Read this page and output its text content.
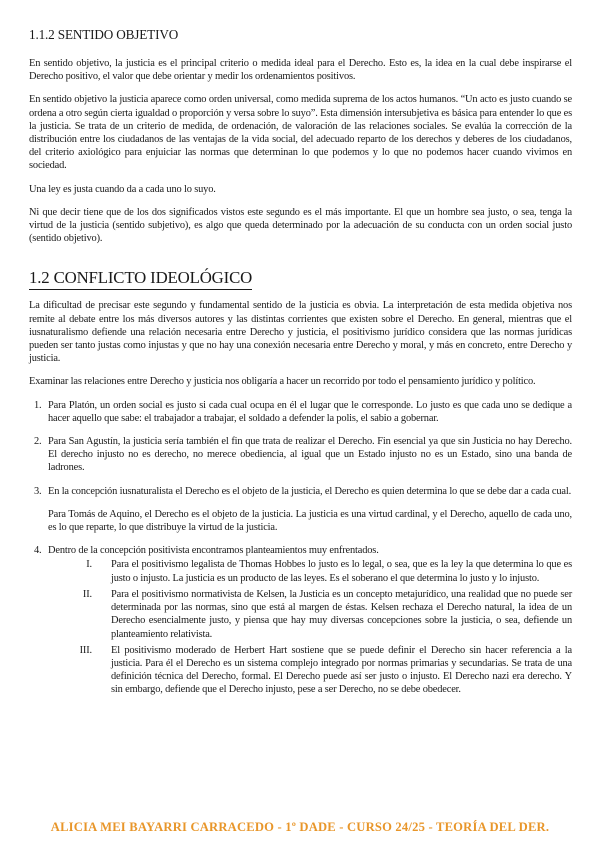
1.1.2 SENTIDO OBJETIVO

En sentido objetivo, la justicia es el principal criterio o medida ideal para el Derecho. Esto es, la idea en la cual debe inspirarse el Derecho positivo, el valor que debe orientar y medir los ordenamientos positivos.

En sentido objetivo la justicia aparece como orden universal, como medida suprema de los actos humanos. “Un acto es justo cuando se ordena a otro según cierta igualdad o proporción y versa sobre lo suyo”. Esta dimensión intersubjetiva es básica para entender lo que es la justicia. Se trata de un criterio de medida, de ordenación, de valoración de las relaciones sociales. Se evalúa la corrección de la distribución entre los ciudadanos de las ventajas de la vida social, del adecuado reparto de los derechos y deberes de los ciudadanos, del criterio axiológico para enjuiciar las normas que determinan lo que podemos y lo que no podemos hacer cuando vivimos en sociedad.

Una ley es justa cuando da a cada uno lo suyo.

Ni que decir tiene que de los dos significados vistos este segundo es el más importante. El que un hombre sea justo, o sea, tenga la virtud de la justicia (sentido subjetivo), es algo que queda determinado por la adecuación de su conducta con un orden social justo (sentido objetivo).

1.2 CONFLICTO IDEOLÓGICO

La dificultad de precisar este segundo y fundamental sentido de la justicia es obvia. La interpretación de esta medida objetiva nos remite al debate entre los más diversos autores y las distintas corrientes que existen sobre el Derecho. En general, mientras que el iusnaturalismo defiende una relación necesaria entre Derecho y justicia, el positivismo jurídico considera que las normas jurídicas pueden ser tanto justas como injustas y que no hay una conexión necesaria entre Derecho y moral, y más en concreto, entre Derecho y justicia.

Examinar las relaciones entre Derecho y justicia nos obligaría a hacer un recorrido por todo el pensamiento jurídico y político.

1. Para Platón, un orden social es justo si cada cual ocupa en él el lugar que le corresponde. Lo justo es que cada uno se dedique a hacer aquello que sabe: el trabajador a trabajar, el soldado a defender la polis, el sabio a gobernar.
2. Para San Agustín, la justicia sería también el fin que trata de realizar el Derecho. Fin esencial ya que sin Justicia no hay Derecho. El derecho injusto no es derecho, no merece obediencia, al igual que un Estado injusto no es un Estado, sino una banda de ladrones.
3. En la concepción iusnaturalista el Derecho es el objeto de la justicia, el Derecho es quien determina lo que se debe dar a cada cual.

Para Tomás de Aquino, el Derecho es el objeto de la justicia. La justicia es una virtud cardinal, y el Derecho, aquello de cada uno, es lo que reparte, lo que distribuye la virtud de la justicia.

4. Dentro de la concepción positivista encontramos planteamientos muy enfrentados.
I. Para el positivismo legalista de Thomas Hobbes lo justo es lo legal, o sea, que es la ley la que determina lo que es justo o injusto. La justicia es un producto de las leyes. Es el soberano el que determina lo justo y lo injusto.
II. Para el positivismo normativista de Kelsen, la Justicia es un concepto metajurídico, una realidad que no puede ser determinada por las normas, sino que está al margen de éstas. Kelsen rechaza el Derecho natural, la idea de un Derecho esencialmente justo, y piensa que hay muy diversas concepciones sobre la justicia, o sea, defiende un planteamiento relativista.
III. El positivismo moderado de Herbert Hart sostiene que se puede definir el Derecho sin hacer referencia a la justicia. Para él el Derecho es un sistema complejo integrado por normas primarias y secundarias. Se trata de una definición técnica del Derecho, formal. El Derecho puede así ser justo o injusto. El Derecho nazi era derecho. Y sin embargo, defiende que el Derecho injusto, pese a ser Derecho, no se debe obedecer.
ALICIA MEI BAYARRI CARRACEDO - 1º DADE - CURSO 24/25 - TEORÍA DEL DER.
